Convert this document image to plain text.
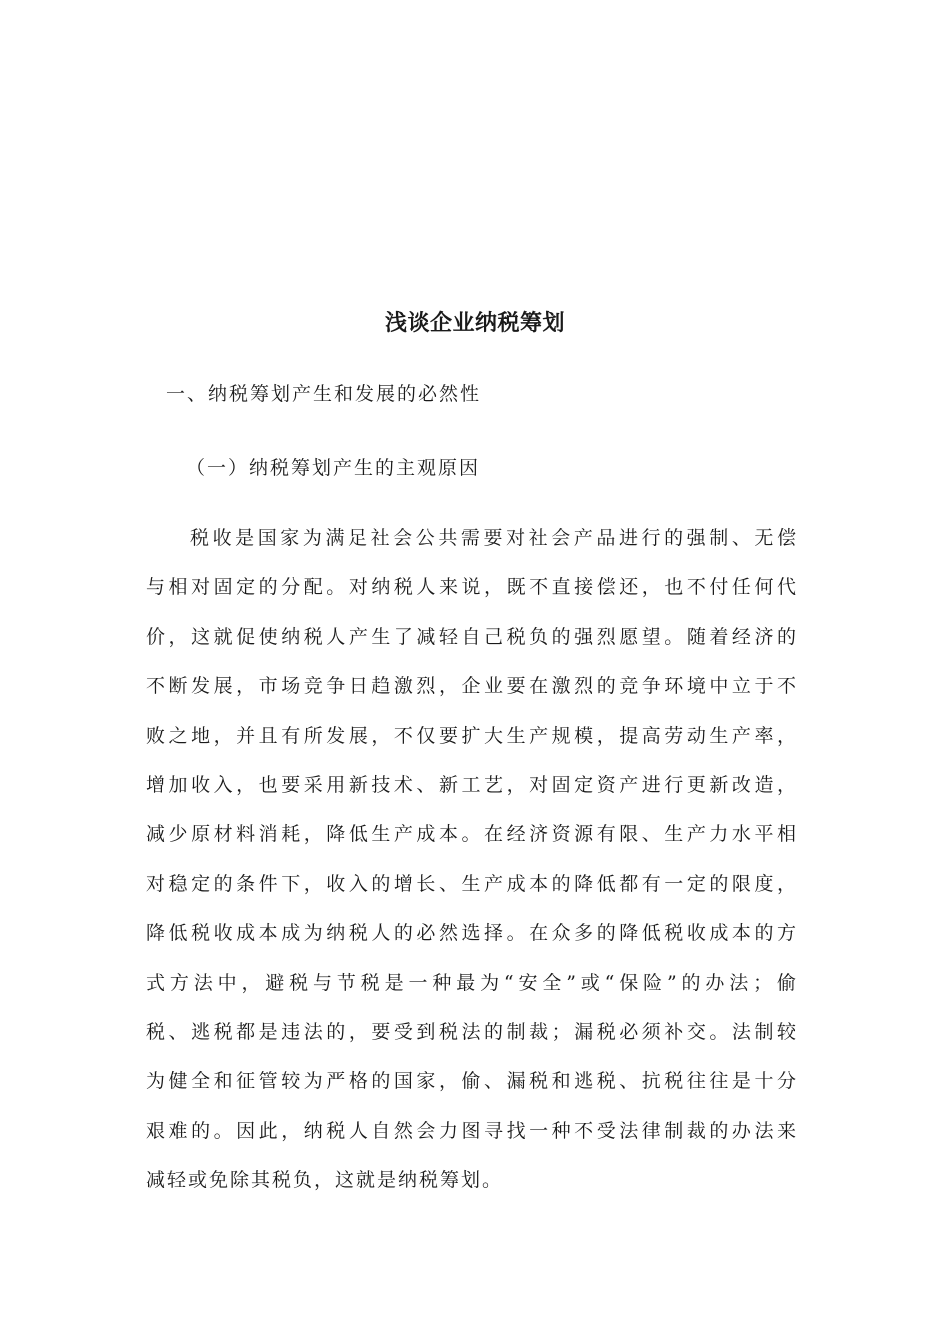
浅谈企业纳税筹划
一、纳税筹划产生和发展的必然性
（一）纳税筹划产生的主观原因
税收是国家为满足社会公共需要对社会产品进行的强制、无偿
与相对固定的分配。对纳税人来说，既不直接偿还，也不付任何代
价，这就促使纳税人产生了减轻自己税负的强烈愿望。随着经济的
不断发展，市场竞争日趋激烈，企业要在激烈的竞争环境中立于不
败之地，并且有所发展，不仅要扩大生产规模，提高劳动生产率，
增加收入，也要采用新技术、新工艺，对固定资产进行更新改造，
减少原材料消耗，降低生产成本。在经济资源有限、生产力水平相
对稳定的条件下，收入的增长、生产成本的降低都有一定的限度，
降低税收成本成为纳税人的必然选择。在众多的降低税收成本的方
式方法中，避税与节税是一种最为“安全”或“保险”的办法；偷
税、逃税都是违法的，要受到税法的制裁；漏税必须补交。法制较
为健全和征管较为严格的国家，偷、漏税和逃税、抗税往往是十分
艰难的。因此，纳税人自然会力图寻找一种不受法律制裁的办法来
减轻或免除其税负，这就是纳税筹划。
